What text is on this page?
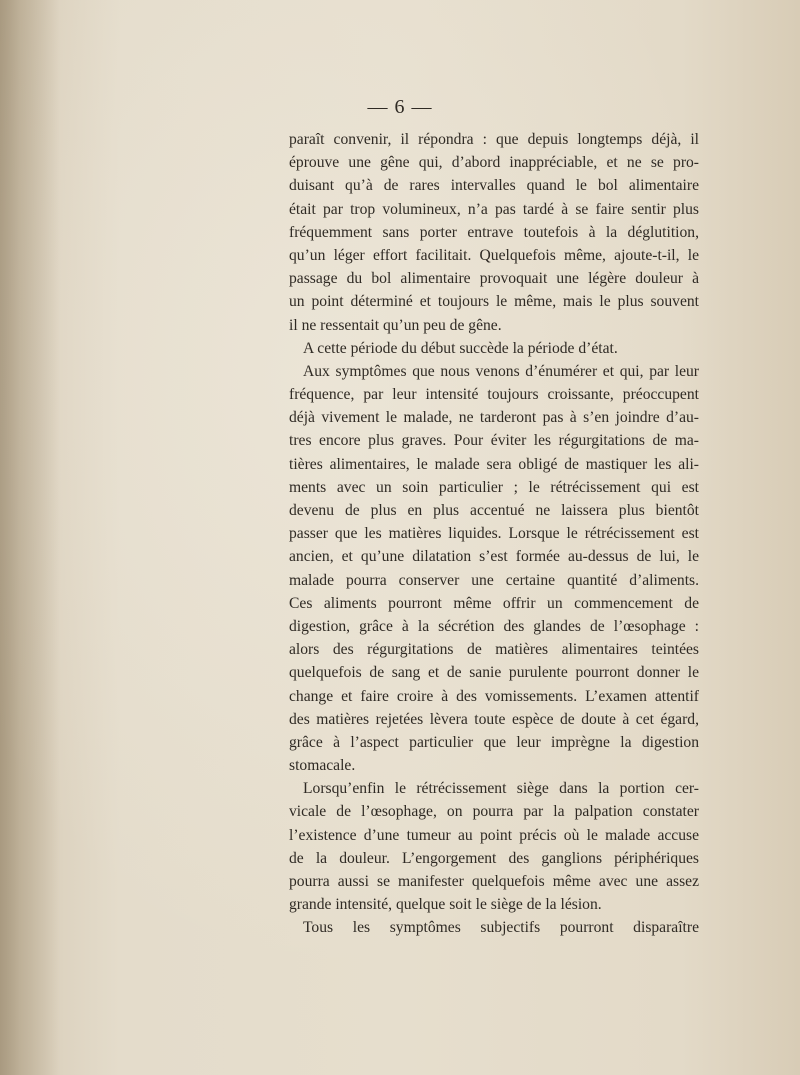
— 6 —
paraît convenir, il répondra : que depuis longtemps déjà, il
éprouve une gêne qui, d’abord inappréciable, et ne se pro-
duisant qu’à de rares intervalles quand le bol alimentaire
était par trop volumineux, n’a pas tardé à se faire sentir plus
fréquemment sans porter entrave toutefois à la déglutition,
qu’un léger effort facilitait. Quelquefois même, ajoute-t-il, le
passage du bol alimentaire provoquait une légère douleur à
un point déterminé et toujours le même, mais le plus souvent
il ne ressentait qu’un peu de gêne.
A cette période du début succède la période d’état.
Aux symptômes que nous venons d’énumérer et qui, par leur
fréquence, par leur intensité toujours croissante, préoccupent
déjà vivement le malade, ne tarderont pas à s’en joindre d’au-
tres encore plus graves. Pour éviter les régurgitations de ma-
tières alimentaires, le malade sera obligé de mastiquer les ali-
ments avec un soin particulier ; le rétrécissement qui est
devenu de plus en plus accentué ne laissera plus bientôt
passer que les matières liquides. Lorsque le rétrécissement est
ancien, et qu’une dilatation s’est formée au-dessus de lui, le
malade pourra conserver une certaine quantité d’aliments.
Ces aliments pourront même offrir un commencement de
digestion, grâce à la sécrétion des glandes de l’œsophage :
alors des régurgitations de matières alimentaires teintées
quelquefois de sang et de sanie purulente pourront donner le
change et faire croire à des vomissements. L’examen attentif
des matières rejetées lèvera toute espèce de doute à cet égard,
grâce à l’aspect particulier que leur imprègne la digestion
stomacale.
Lorsqu’enfin le rétrécissement siège dans la portion cer-
vicale de l’œsophage, on pourra par la palpation constater
l’existence d’une tumeur au point précis où le malade accuse
de la douleur. L’engorgement des ganglions périphériques
pourra aussi se manifester quelquefois même avec une assez
grande intensité, quelque soit le siège de la lésion.
Tous les symptômes subjectifs pourront disparaître
